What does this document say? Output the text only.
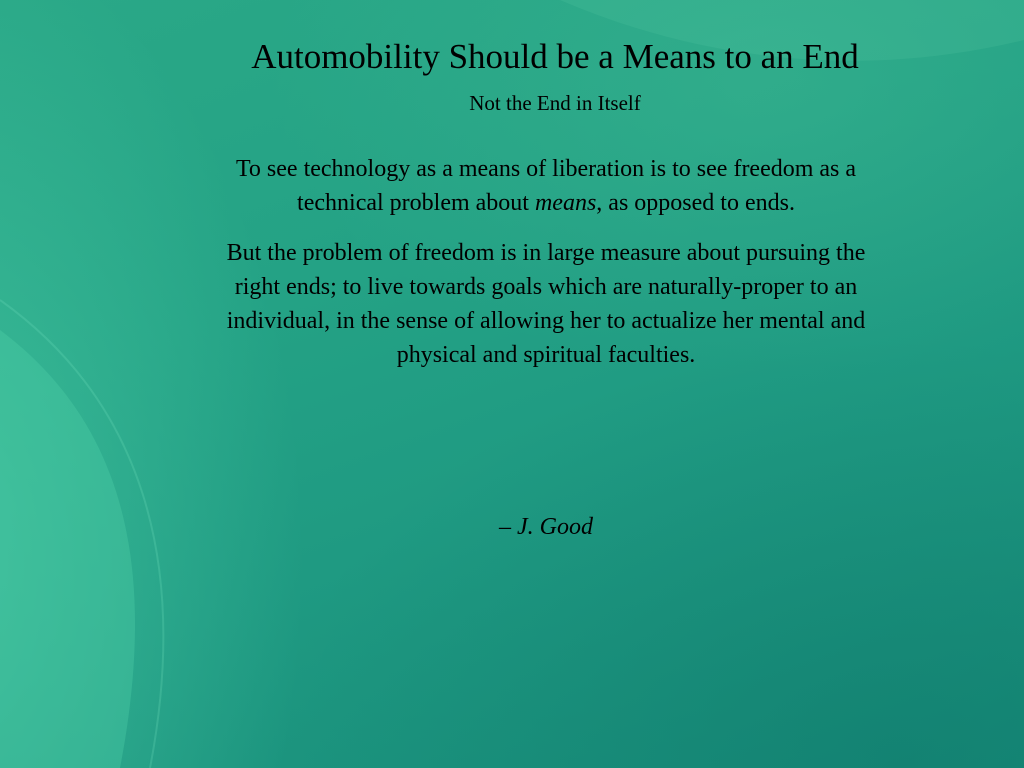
Automobility Should be a Means to an End
Not the End in Itself

To see technology as a means of liberation is to see freedom as a technical problem about means, as opposed to ends.

But the problem of freedom is in large measure about pursuing the right ends; to live towards goals which are naturally-proper to an individual, in the sense of allowing her to actualize her mental and physical and spiritual faculties.

– J. Good
